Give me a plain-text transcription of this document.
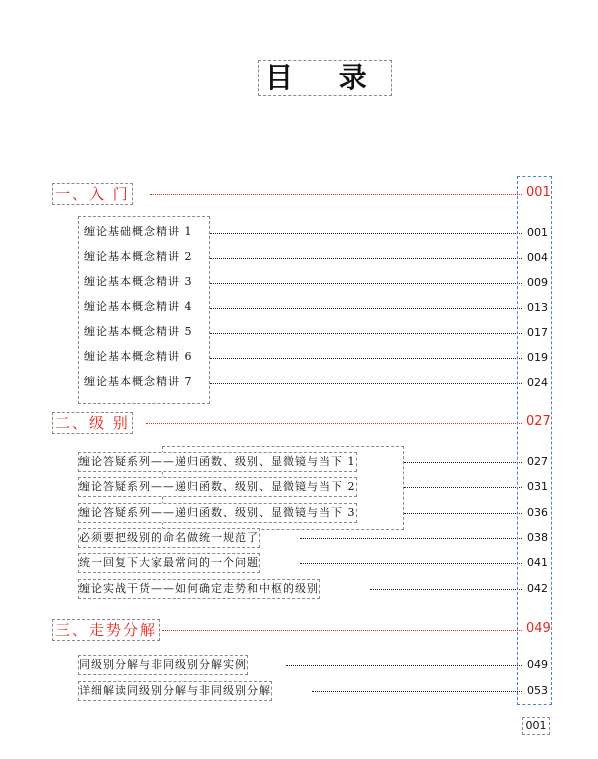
目 录
一、入 门	001
缠论基础概念精讲 1	001
缠论基本概念精讲 2	004
缠论基本概念精讲 3	009
缠论基本概念精讲 4	013
缠论基本概念精讲 5	017
缠论基本概念精讲 6	019
缠论基本概念精讲 7	024
二、级 别	027
缠论答疑系列——递归函数、级别、显微镜与当下 1	027
缠论答疑系列——递归函数、级别、显微镜与当下 2	031
缠论答疑系列——递归函数、级别、显微镜与当下 3	036
必须要把级别的命名做统一规范了	038
统一回复下大家最常问的一个问题	041
缠论实战干货——如何确定走势和中枢的级别	042
三、走势分解	049
同级别分解与非同级别分解实例	049
详细解读同级别分解与非同级别分解	053
001
